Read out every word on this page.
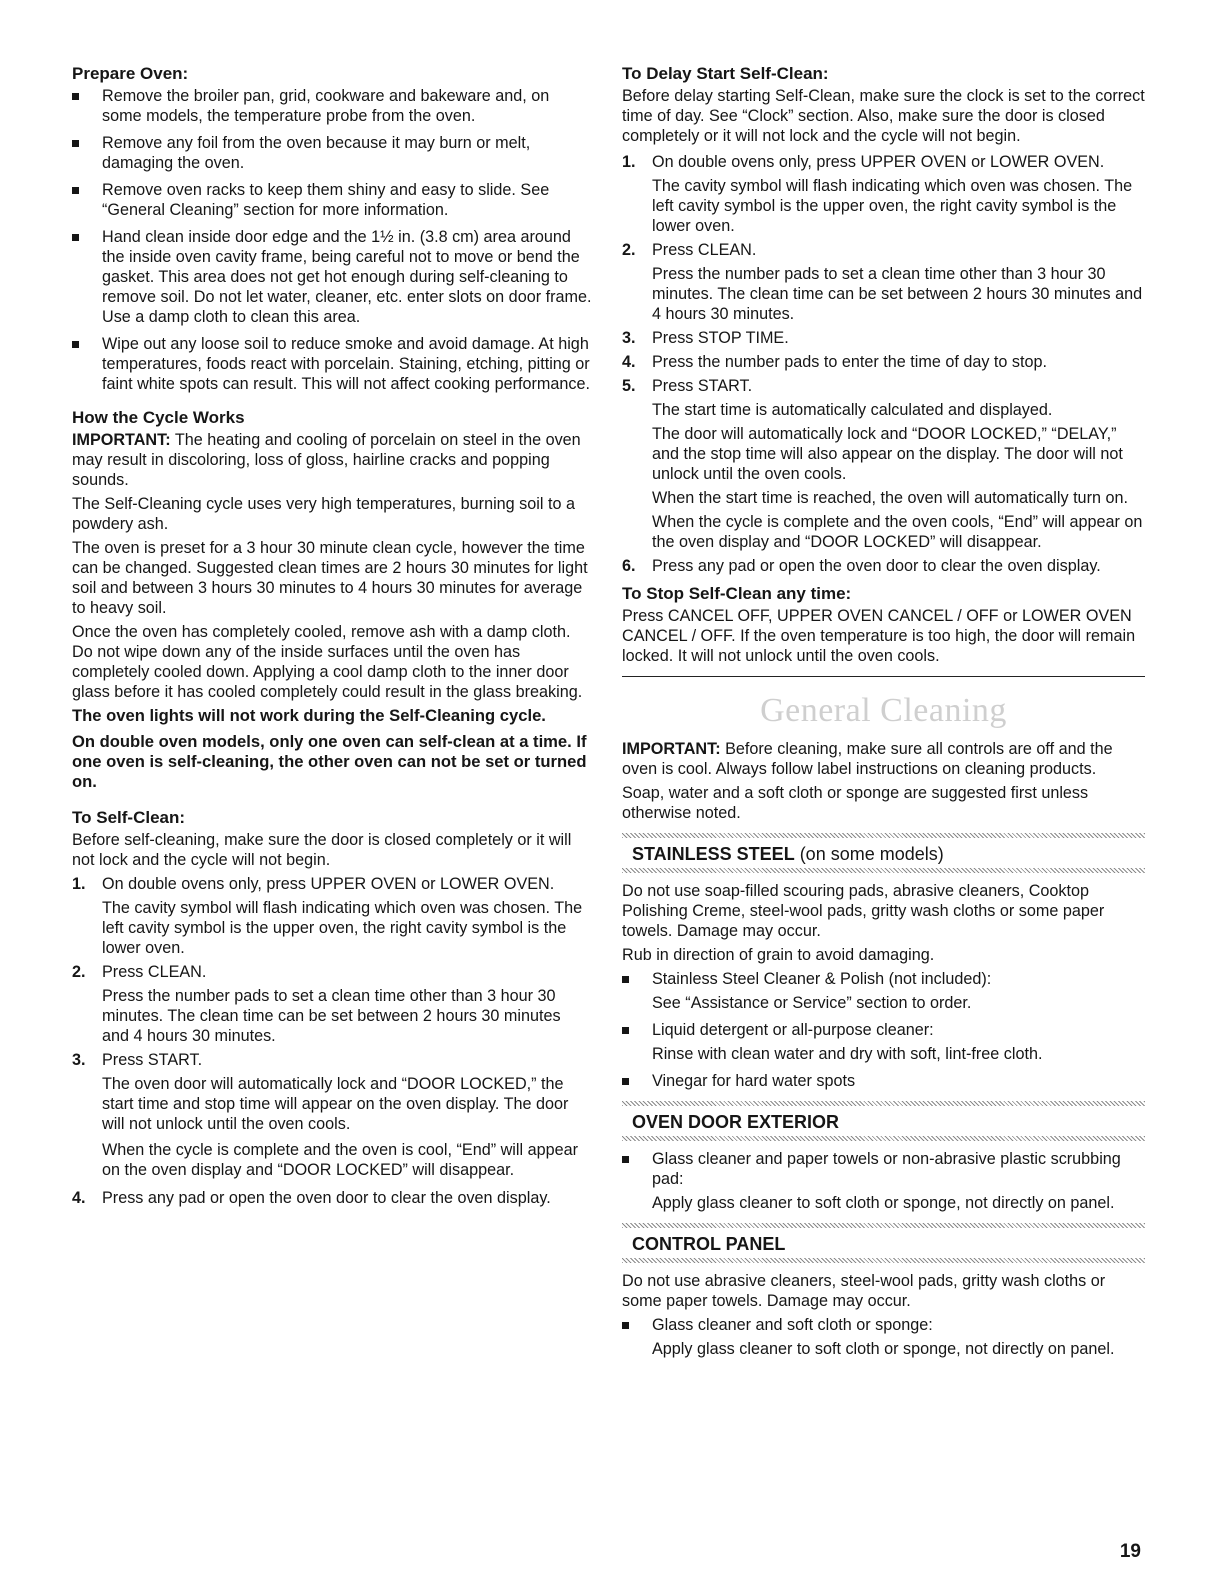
Prepare Oven:
Remove the broiler pan, grid, cookware and bakeware and, on some models, the temperature probe from the oven.
Remove any foil from the oven because it may burn or melt, damaging the oven.
Remove oven racks to keep them shiny and easy to slide. See “General Cleaning” section for more information.
Hand clean inside door edge and the 1½ in. (3.8 cm) area around the inside oven cavity frame, being careful not to move or bend the gasket. This area does not get hot enough during self-cleaning to remove soil. Do not let water, cleaner, etc. enter slots on door frame. Use a damp cloth to clean this area.
Wipe out any loose soil to reduce smoke and avoid damage. At high temperatures, foods react with porcelain. Staining, etching, pitting or faint white spots can result. This will not affect cooking performance.
How the Cycle Works

IMPORTANT: The heating and cooling of porcelain on steel in the oven may result in discoloring, loss of gloss, hairline cracks and popping sounds.

The Self-Cleaning cycle uses very high temperatures, burning soil to a powdery ash.

The oven is preset for a 3 hour 30 minute clean cycle, however the time can be changed. Suggested clean times are 2 hours 30 minutes for light soil and between 3 hours 30 minutes to 4 hours 30 minutes for average to heavy soil.

Once the oven has completely cooled, remove ash with a damp cloth. Do not wipe down any of the inside surfaces until the oven has completely cooled down. Applying a cool damp cloth to the inner door glass before it has cooled completely could result in the glass breaking.

The oven lights will not work during the Self-Cleaning cycle.

On double oven models, only one oven can self-clean at a time. If one oven is self-cleaning, the other oven can not be set or turned on.

To Self-Clean:

Before self-cleaning, make sure the door is closed completely or it will not lock and the cycle will not begin.

1. On double ovens only, press UPPER OVEN or LOWER OVEN.
The cavity symbol will flash indicating which oven was chosen. The left cavity symbol is the upper oven, the right cavity symbol is the lower oven.
2. Press CLEAN.
Press the number pads to set a clean time other than 3 hour 30 minutes. The clean time can be set between 2 hours 30 minutes and 4 hours 30 minutes.
3. Press START.
The oven door will automatically lock and “DOOR LOCKED,” the start time and stop time will appear on the oven display. The door will not unlock until the oven cools.
When the cycle is complete and the oven is cool, “End” will appear on the oven display and “DOOR LOCKED” will disappear.
4. Press any pad or open the oven door to clear the oven display.
To Delay Start Self-Clean:

Before delay starting Self-Clean, make sure the clock is set to the correct time of day. See “Clock” section. Also, make sure the door is closed completely or it will not lock and the cycle will not begin.

1. On double ovens only, press UPPER OVEN or LOWER OVEN.
The cavity symbol will flash indicating which oven was chosen. The left cavity symbol is the upper oven, the right cavity symbol is the lower oven.
2. Press CLEAN.
Press the number pads to set a clean time other than 3 hour 30 minutes. The clean time can be set between 2 hours 30 minutes and 4 hours 30 minutes.
3. Press STOP TIME.
4. Press the number pads to enter the time of day to stop.
5. Press START.
The start time is automatically calculated and displayed.
The door will automatically lock and “DOOR LOCKED,” “DELAY,” and the stop time will also appear on the display. The door will not unlock until the oven cools.
When the start time is reached, the oven will automatically turn on.
When the cycle is complete and the oven cools, “End” will appear on the oven display and “DOOR LOCKED” will disappear.
6. Press any pad or open the oven door to clear the oven display.
To Stop Self-Clean any time:

Press CANCEL OFF, UPPER OVEN CANCEL / OFF or LOWER OVEN CANCEL / OFF. If the oven temperature is too high, the door will remain locked. It will not unlock until the oven cools.

General Cleaning

IMPORTANT: Before cleaning, make sure all controls are off and the oven is cool. Always follow label instructions on cleaning products.

Soap, water and a soft cloth or sponge are suggested first unless otherwise noted.

STAINLESS STEEL (on some models)

Do not use soap-filled scouring pads, abrasive cleaners, Cooktop Polishing Creme, steel-wool pads, gritty wash cloths or some paper towels. Damage may occur.

Rub in direction of grain to avoid damaging.

Stainless Steel Cleaner & Polish (not included):
See “Assistance or Service” section to order.
Liquid detergent or all-purpose cleaner:
Rinse with clean water and dry with soft, lint-free cloth.
Vinegar for hard water spots
OVEN DOOR EXTERIOR
Glass cleaner and paper towels or non-abrasive plastic scrubbing pad:
Apply glass cleaner to soft cloth or sponge, not directly on panel.
CONTROL PANEL

Do not use abrasive cleaners, steel-wool pads, gritty wash cloths or some paper towels. Damage may occur.

Glass cleaner and soft cloth or sponge:
Apply glass cleaner to soft cloth or sponge, not directly on panel.
19
